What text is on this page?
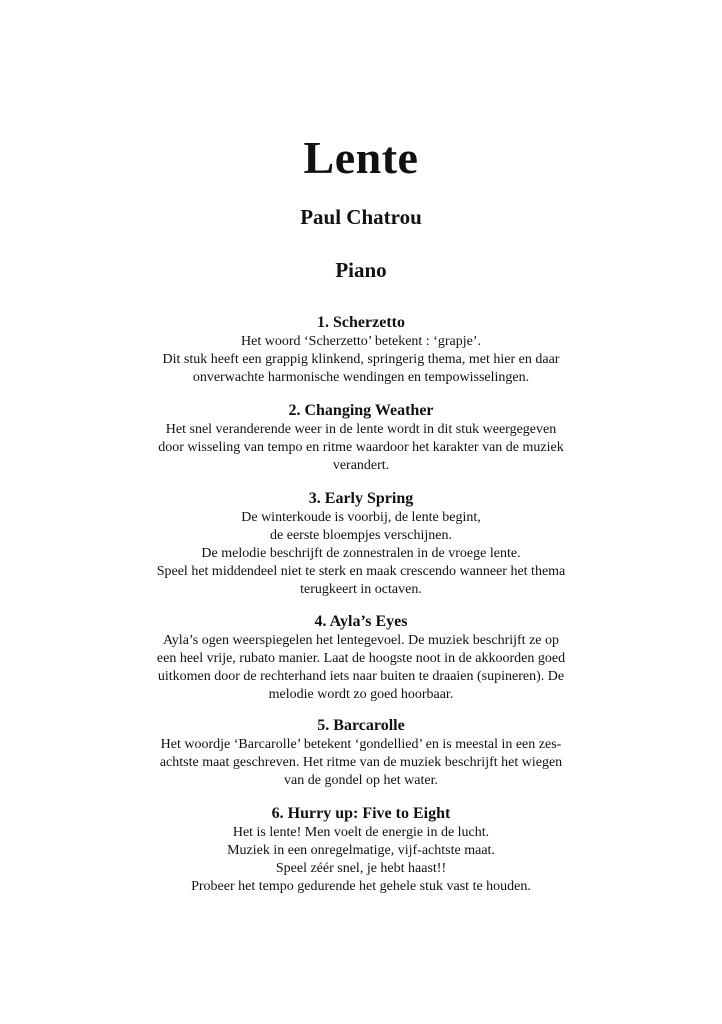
Lente
Paul Chatrou
Piano
1. Scherzetto
Het woord ‘Scherzetto’ betekent : ‘grapje’.
Dit stuk heeft een grappig klinkend, springerig thema, met hier en daar
onverwachte harmonische wendingen en tempowisselingen.
2. Changing Weather
Het snel veranderende weer in de lente wordt in dit stuk weergegeven
door wisseling van tempo en ritme waardoor het karakter van de muziek
verandert.
3. Early Spring
De winterkoude is voorbij, de lente begint,
de eerste bloempjes verschijnen.
De melodie beschrijft de zonnestralen in de vroege lente.
Speel het middendeel niet te sterk en maak crescendo wanneer het thema
terugkeert in octaven.
4. Ayla’s Eyes
Ayla’s ogen weerspiegelen het lentegevoel. De muziek beschrijft ze op
een heel vrije, rubato manier. Laat de hoogste noot in de akkoorden goed
uitkomen door de rechterhand iets naar buiten te draaien (supineren). De
melodie wordt zo goed hoorbaar.
5. Barcarolle
Het woordje ‘Barcarolle’ betekent ‘gondellied’ en is meestal in een zes-
achtste maat geschreven. Het ritme van de muziek beschrijft het wiegen
van de gondel op het water.
6. Hurry up: Five to Eight
Het is lente! Men voelt de energie in de lucht.
Muziek in een onregelmatige, vijf-achtste maat.
Speel zéér snel, je hebt haast!!
Probeer het tempo gedurende het gehele stuk vast te houden.
